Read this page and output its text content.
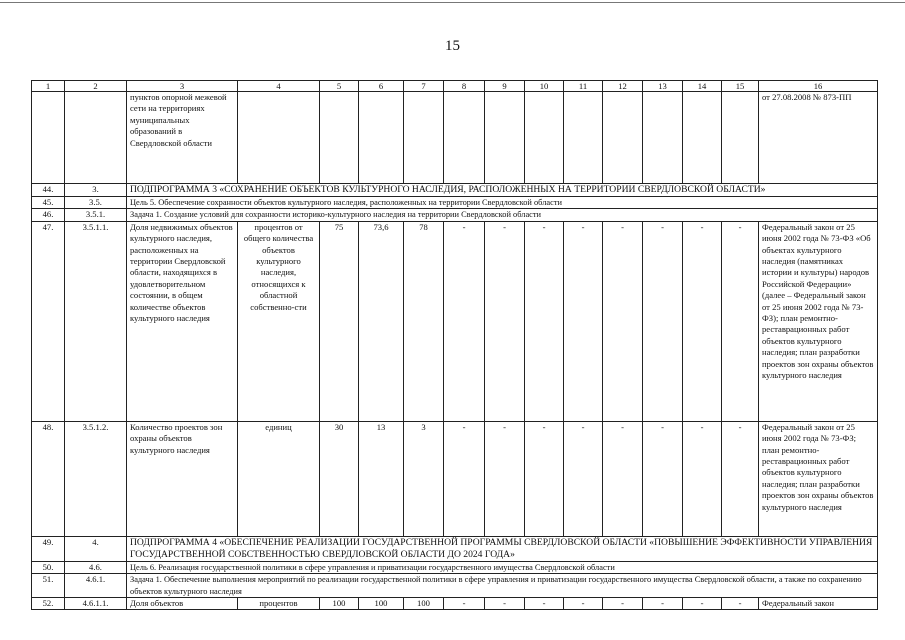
15
1	2	3	4	5	6	7	8	9	10	11	12	13	14	15	16
		пунктов опорной межевой сети на территориях муниципальных образований в Свердловской области													от 27.08.2008 № 873-ПП
44.	3.	ПОДПРОГРАММА 3 «СОХРАНЕНИЕ ОБЪЕКТОВ КУЛЬТУРНОГО НАСЛЕДИЯ, РАСПОЛОЖЕННЫХ НА ТЕРРИТОРИИ СВЕРДЛОВСКОЙ ОБЛАСТИ»													
45.	3.5.	Цель 5. Обеспечение сохранности объектов культурного наследия, расположенных на территории Свердловской области													
46.	3.5.1.	Задача 1. Создание условий для сохранности историко-культурного наследия на территории Свердловской области													
47.	3.5.1.1.	Доля недвижимых объектов культурного наследия, расположенных на территории Свердловской области, находящихся в удовлетворительном состоянии, в общем количестве объектов культурного наследия	процентов от общего количества объектов культурного наследия, относящихся к областной собственно-сти	75	73,6	78	-	-	-	-	-	-	-	-	Федеральный закон от 25 июня 2002 года № 73-ФЗ «Об объектах культурного наследия (памятниках истории и культуры) народов Российской Федерации» (далее – Федеральный закон от 25 июня 2002 года № 73-ФЗ); план ремонтно-реставрационных работ объектов культурного наследия; план разработки проектов зон охраны объектов культурного наследия
48.	3.5.1.2.	Количество проектов зон охраны объектов культурного наследия	единиц	30	13	3	-	-	-	-	-	-	-	-	Федеральный закон от 25 июня 2002 года № 73-ФЗ; план ремонтно-реставрационных работ объектов культурного наследия; план разработки проектов зон охраны объектов культурного наследия
49.	4.	ПОДПРОГРАММА 4 «ОБЕСПЕЧЕНИЕ РЕАЛИЗАЦИИ ГОСУДАРСТВЕННОЙ ПРОГРАММЫ СВЕРДЛОВСКОЙ ОБЛАСТИ «ПОВЫШЕНИЕ ЭФФЕКТИВНОСТИ УПРАВЛЕНИЯ ГОСУДАРСТВЕННОЙ СОБСТВЕННОСТЬЮ СВЕРДЛОВСКОЙ ОБЛАСТИ ДО 2024 ГОДА»													
50.	4.6.	Цель 6. Реализация государственной политики в сфере управления и приватизации государственного имущества Свердловской области													
51.	4.6.1.	Задача 1. Обеспечение выполнения мероприятий по реализации государственной политики в сфере управления и приватизации государственного имущества Свердловской области, а также по сохранению объектов культурного наследия													
52.	4.6.1.1.	Доля объектов	процентов	100	100	100	-	-	-	-	-	-	-	-	Федеральный закон
